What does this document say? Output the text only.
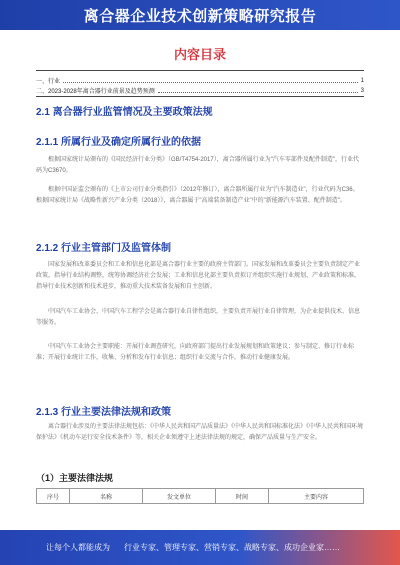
离合器企业技术创新策略研究报告
内容目录
一、行业	1
二、2023-2028年离合器行业前景及趋势预测	3
2.1 离合器行业监管情况及主要政策法规
2.1.1 所属行业及确定所属行业的依据

根据国家统计局颁布的《国民经济行业分类》（GB/T4754-2017），离合器所属行业为"汽车零部件及配件制造"，行业代码为C3670。

根据中国证监会颁布的《上市公司行业分类指引》（2012年修订），离合器所属行业为"汽车制造业"，行业代码为C36。根据国家统计局《战略性新兴产业分类（2018）》，离合器属于"高端装备制造产业"中的"新能源汽车装置、配件制造"。

2.1.2 行业主管部门及监管体制

国家发展和改革委员会和工业和信息化部是离合器行业主要的政府主管部门。国家发展和改革委员会主要负责制定产业政策，指导行业结构调整，统筹协调经济社会发展；工业和信息化部主要负责拟订并组织实施行业规划、产业政策和标准，指导行业技术创新和技术进步，推动重大技术装备发展和自主创新。

中国汽车工业协会、中国汽车工程学会是离合器行业自律性组织，主要负责开展行业自律管理，为企业提供技术、信息等服务。

中国汽车工业协会主要职能：开展行业调查研究，向政府部门提出行业发展规划和政策建议；参与制定、修订行业标准；开展行业统计工作，收集、分析和发布行业信息；组织行业交流与合作，推动行业健康发展。

2.1.3 行业主要法律法规和政策

离合器行业涉及的主要法律法规包括：《中华人民共和国产品质量法》《中华人民共和国标准化法》《中华人民共和国环境保护法》《机动车运行安全技术条件》等，相关企业须遵守上述法律法规的规定，确保产品质量与生产安全。

（1）主要法律法规
序号	名称	发文单位	时间	主要内容
让每个人都能成为 行业专家、管理专家、营销专家、战略专家、成功企业家……
